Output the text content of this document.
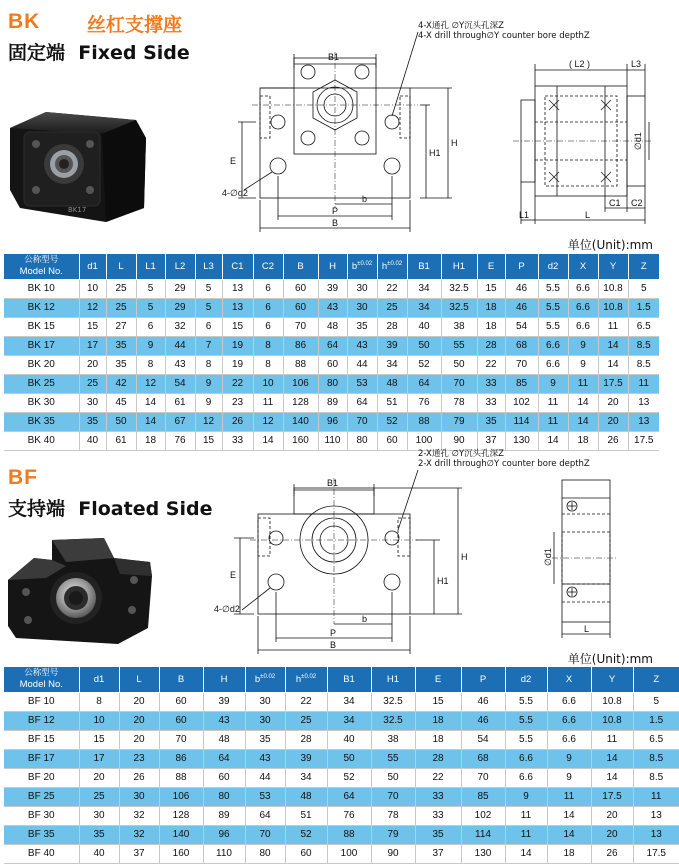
BK 丝杠支撑座
固定端 Fixed Side
BK17
4-X通孔 ∅Y沉头孔深Z
4-X drill through∅Y counter bore depthZ
B1
H1
H
E
b
P
B
4-∅d2
( L2 )	L3
∅d1
C1 C2
L
L1
单位(Unit):mm
公称型号
Model No.	d1	L	L1	L2	L3	C1	C2	B	H	$b^{\pm 0.02}$	$h^{\pm 0.02}$	B1	H1	E	P	d2	X	Y	Z
BK 10	10	25	5	29	5	13	6	60	39	30	22	34	32.5	15	46	5.5	6.6	10.8	5
BK 12	12	25	5	29	5	13	6	60	43	30	25	34	32.5	18	46	5.5	6.6	10.8	1.5
BK 15	15	27	6	32	6	15	6	70	48	35	28	40	38	18	54	5.5	6.6	11	6.5
BK 17	17	35	9	44	7	19	8	86	64	43	39	50	55	28	68	6.6	9	14	8.5
BK 20	20	35	8	43	8	19	8	88	60	44	34	52	50	22	70	6.6	9	14	8.5
BK 25	25	42	12	54	9	22	10	106	80	53	48	64	70	33	85	9	11	17.5	11
BK 30	30	45	14	61	9	23	11	128	89	64	51	76	78	33	102	11	14	20	13
BK 35	35	50	14	67	12	26	12	140	96	70	52	88	79	35	114	11	14	20	13
BK 40	40	61	18	76	15	33	14	160	110	80	60	100	90	37	130	14	18	26	17.5
BF
支持端 Floated Side
2-X通孔 ∅Y沉头孔深Z
2-X drill through∅Y counter bore depthZ
B1
H1
H
E
b
P
B
4-∅d2
∅d1
L
单位(Unit):mm
公称型号
Model No.	d1	L	B	H	$b^{\pm 0.02}$	$h^{\pm 0.02}$	B1	H1	E	P	d2	X	Y	Z
BF 10	8	20	60	39	30	22	34	32.5	15	46	5.5	6.6	10.8	5
BF 12	10	20	60	43	30	25	34	32.5	18	46	5.5	6.6	10.8	1.5
BF 15	15	20	70	48	35	28	40	38	18	54	5.5	6.6	11	6.5
BF 17	17	23	86	64	43	39	50	55	28	68	6.6	9	14	8.5
BF 20	20	26	88	60	44	34	52	50	22	70	6.6	9	14	8.5
BF 25	25	30	106	80	53	48	64	70	33	85	9	11	17.5	11
BF 30	30	32	128	89	64	51	76	78	33	102	11	14	20	13
BF 35	35	32	140	96	70	52	88	79	35	114	11	14	20	13
BF 40	40	37	160	110	80	60	100	90	37	130	14	18	26	17.5
